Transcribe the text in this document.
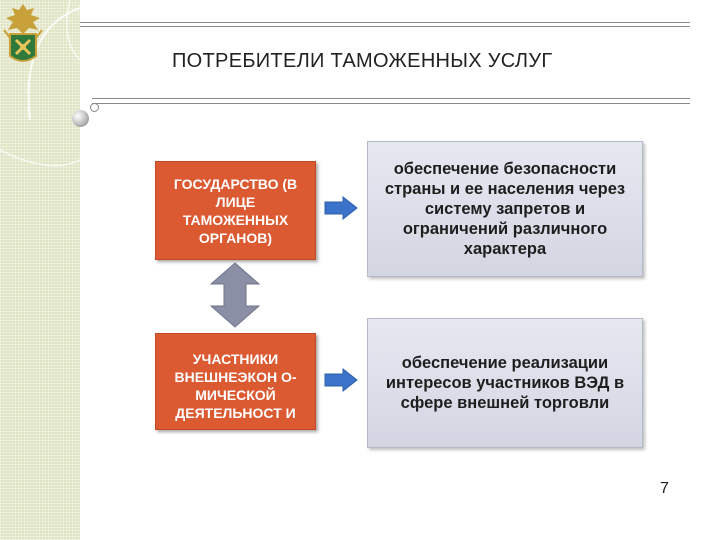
ПОТРЕБИТЕЛИ ТАМОЖЕННЫХ УСЛУГ
ГОСУДАРСТВО (В ЛИЦЕ ТАМОЖЕННЫХ ОРГАНОВ)
УЧАСТНИКИ ВНЕШНЕЭКОН О-МИЧЕСКОЙ ДЕЯТЕЛЬНОСТ И
обеспечение безопасности страны и ее населения через систему запретов и ограничений различного характера
обеспечение реализации интересов участников ВЭД в сфере внешней торговли
7
